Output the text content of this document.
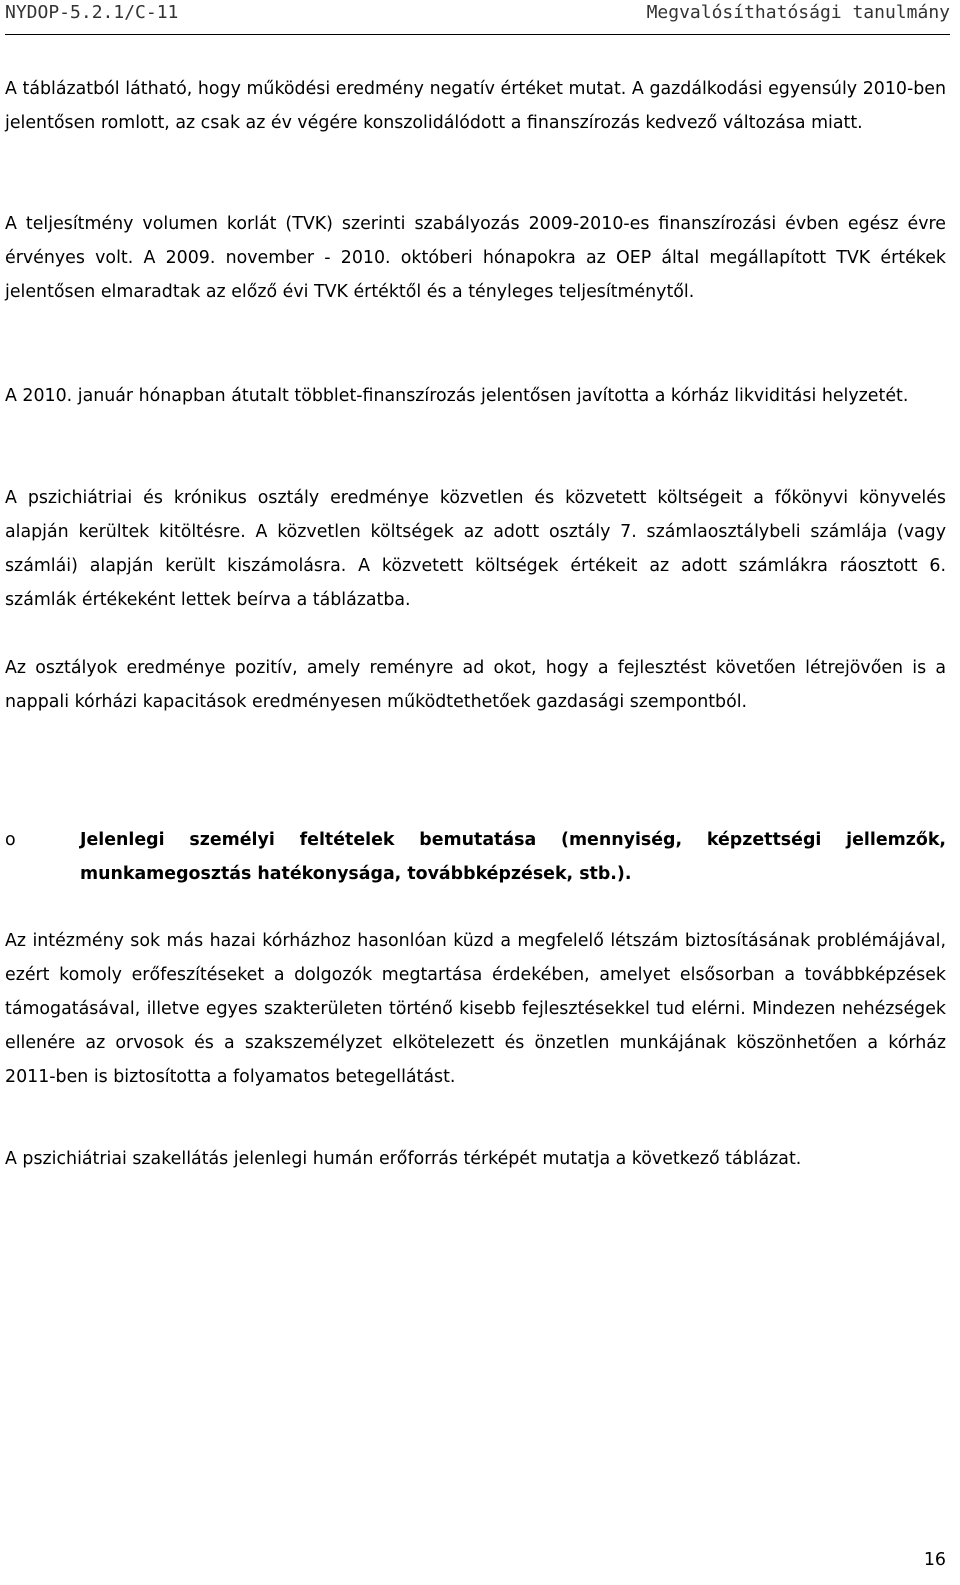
NYDOP-5.2.1/C-11	Megvalósíthatósági tanulmány

A táblázatból látható, hogy működési eredmény negatív értéket mutat. A gazdálkodási egyensúly 2010-ben jelentősen romlott, az csak az év végére konszolidálódott a finanszírozás kedvező változása miatt.

A teljesítmény volumen korlát (TVK) szerinti szabályozás 2009-2010-es finanszírozási évben egész évre érvényes volt. A 2009. november - 2010. októberi hónapokra az OEP által megállapított TVK értékek jelentősen elmaradtak az előző évi TVK értéktől és a tényleges teljesítménytől.

A 2010. január hónapban átutalt többlet-finanszírozás jelentősen javította a kórház likviditási helyzetét.

A pszichiátriai és krónikus osztály eredménye közvetlen és közvetett költségeit a főkönyvi könyvelés alapján kerültek kitöltésre. A közvetlen költségek az adott osztály 7. számlaosztálybeli számlája (vagy számlái) alapján került kiszámolásra. A közvetett költségek értékeit az adott számlákra ráosztott 6. számlák értékeként lettek beírva a táblázatba.

Az osztályok eredménye pozitív, amely reményre ad okot, hogy a fejlesztést követően létrejövően is a nappali kórházi kapacitások eredményesen működtethetőek gazdasági szempontból.

o	Jelenlegi személyi feltételek bemutatása (mennyiség, képzettségi jellemzők, munkamegosztás hatékonysága, továbbképzések, stb.).

Az intézmény sok más hazai kórházhoz hasonlóan küzd a megfelelő létszám biztosításának problémájával, ezért komoly erőfeszítéseket a dolgozók megtartása érdekében, amelyet elsősorban a továbbképzések támogatásával, illetve egyes szakterületen történő kisebb fejlesztésekkel tud elérni. Mindezen nehézségek ellenére az orvosok és a szakszemélyzet elkötelezett és önzetlen munkájának köszönhetően a kórház 2011-ben is biztosította a folyamatos betegellátást.

A pszichiátriai szakellátás jelenlegi humán erőforrás térképét mutatja a következő táblázat.

16
